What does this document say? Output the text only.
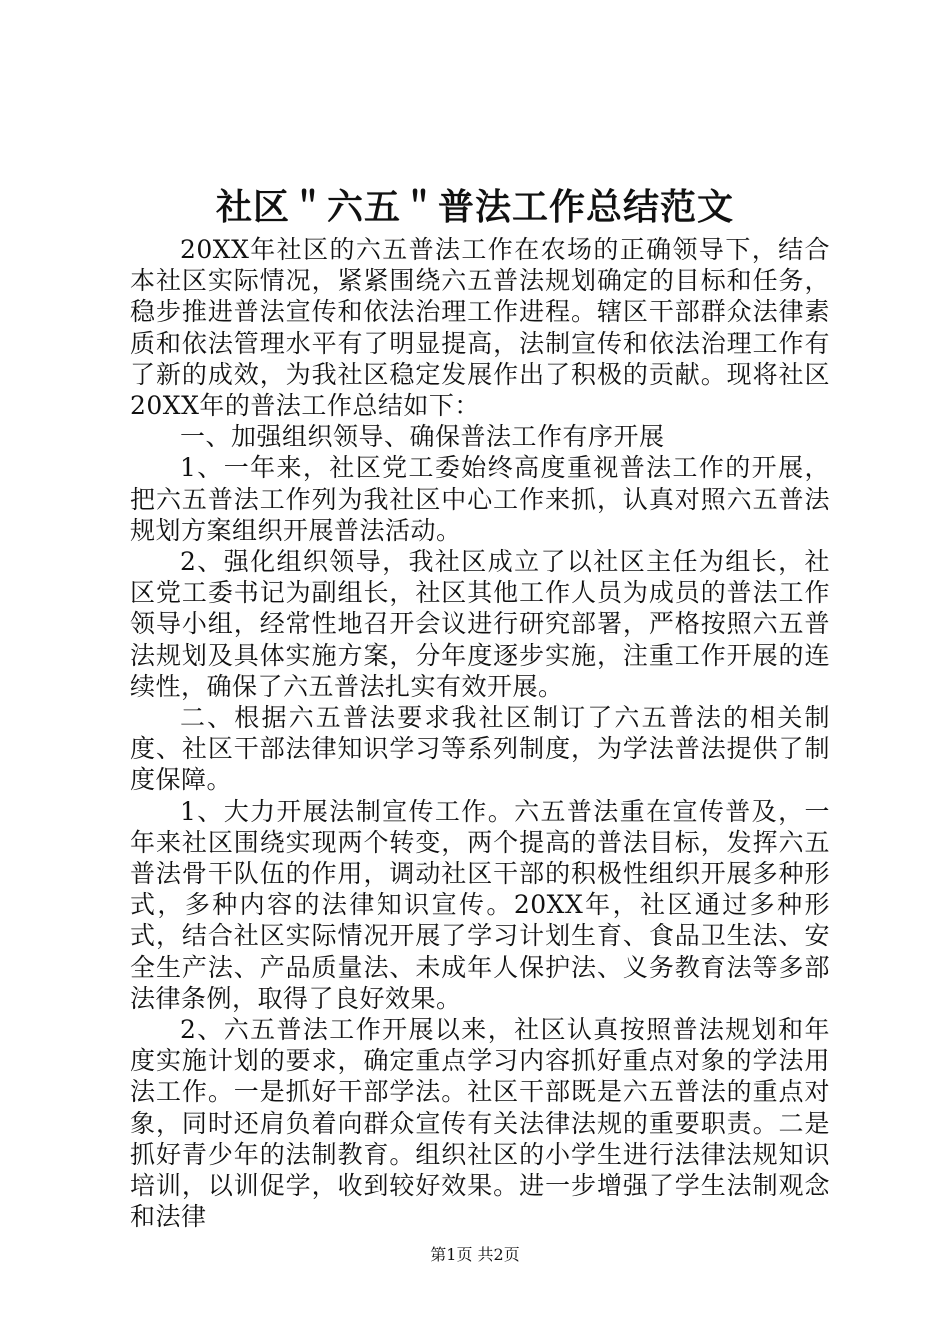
社区＂六五＂普法工作总结范文

20XX年社区的六五普法工作在农场的正确领导下，结合本社区实际情况，紧紧围绕六五普法规划确定的目标和任务，稳步推进普法宣传和依法治理工作进程。辖区干部群众法律素质和依法管理水平有了明显提高，法制宣传和依法治理工作有了新的成效，为我社区稳定发展作出了积极的贡献。现将社区20XX年的普法工作总结如下：

一、加强组织领导、确保普法工作有序开展

1、一年来，社区党工委始终高度重视普法工作的开展，把六五普法工作列为我社区中心工作来抓，认真对照六五普法规划方案组织开展普法活动。

2、强化组织领导，我社区成立了以社区主任为组长，社区党工委书记为副组长，社区其他工作人员为成员的普法工作领导小组，经常性地召开会议进行研究部署，严格按照六五普法规划及具体实施方案，分年度逐步实施，注重工作开展的连续性，确保了六五普法扎实有效开展。

二、根据六五普法要求我社区制订了六五普法的相关制度、社区干部法律知识学习等系列制度，为学法普法提供了制度保障。

1、大力开展法制宣传工作。六五普法重在宣传普及，一年来社区围绕实现两个转变，两个提高的普法目标，发挥六五普法骨干队伍的作用，调动社区干部的积极性组织开展多种形式，多种内容的法律知识宣传。20XX年，社区通过多种形式，结合社区实际情况开展了学习计划生育、食品卫生法、安全生产法、产品质量法、未成年人保护法、义务教育法等多部法律条例，取得了良好效果。

2、六五普法工作开展以来，社区认真按照普法规划和年度实施计划的要求，确定重点学习内容抓好重点对象的学法用法工作。一是抓好干部学法。社区干部既是六五普法的重点对象，同时还肩负着向群众宣传有关法律法规的重要职责。二是抓好青少年的法制教育。组织社区的小学生进行法律法规知识培训，以训促学，收到较好效果。进一步增强了学生法制观念和法律

第1页 共2页
